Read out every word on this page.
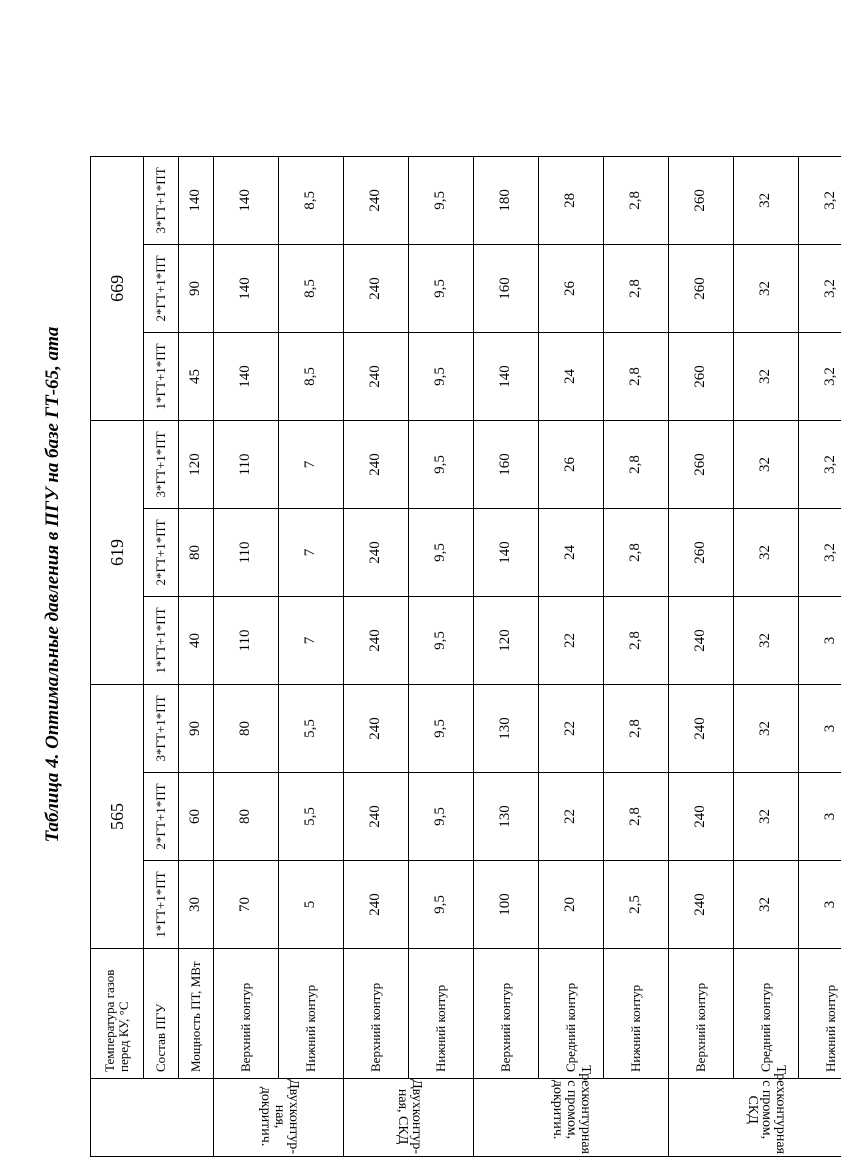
Таблица 4. Оптимальные давления в ПГУ на базе ГТ-65, ата
	Температура газов перед КУ, °С	565			619			669		
	Состав ПГУ	1*ГТ+1*ПТ	2*ГТ+1*ПТ	3*ГТ+1*ПТ	1*ГТ+1*ПТ	2*ГТ+1*ПТ	3*ГТ+1*ПТ	1*ГТ+1*ПТ	2*ГТ+1*ПТ	3*ГТ+1*ПТ
	Мощность ПТ, МВт	30	60	90	40	80	120	45	90	140
Двухконтур-ная, докритич.	Верхний контур	70	80	80	110	110	110	140	140	140
	Нижний контур	5	5,5	5,5	7	7	7	8,5	8,5	8,5
Двухконтур-ная, СКД	Верхний контур	240	240	240	240	240	240	240	240	240
	Нижний контур	9,5	9,5	9,5	9,5	9,5	9,5	9,5	9,5	9,5
Трехконтурная с промом, докритич.	Верхний контур	100	130	130	120	140	160	140	160	180
	Средний контур	20	22	22	22	24	26	24	26	28
	Нижний контур	2,5	2,8	2,8	2,8	2,8	2,8	2,8	2,8	2,8
Трехконтурная с промом, СКД	Верхний контур	240	240	240	240	260	260	260	260	260
	Средний контур	32	32	32	32	32	32	32	32	32
	Нижний контур	3	3	3	3	3,2	3,2	3,2	3,2	3,2
